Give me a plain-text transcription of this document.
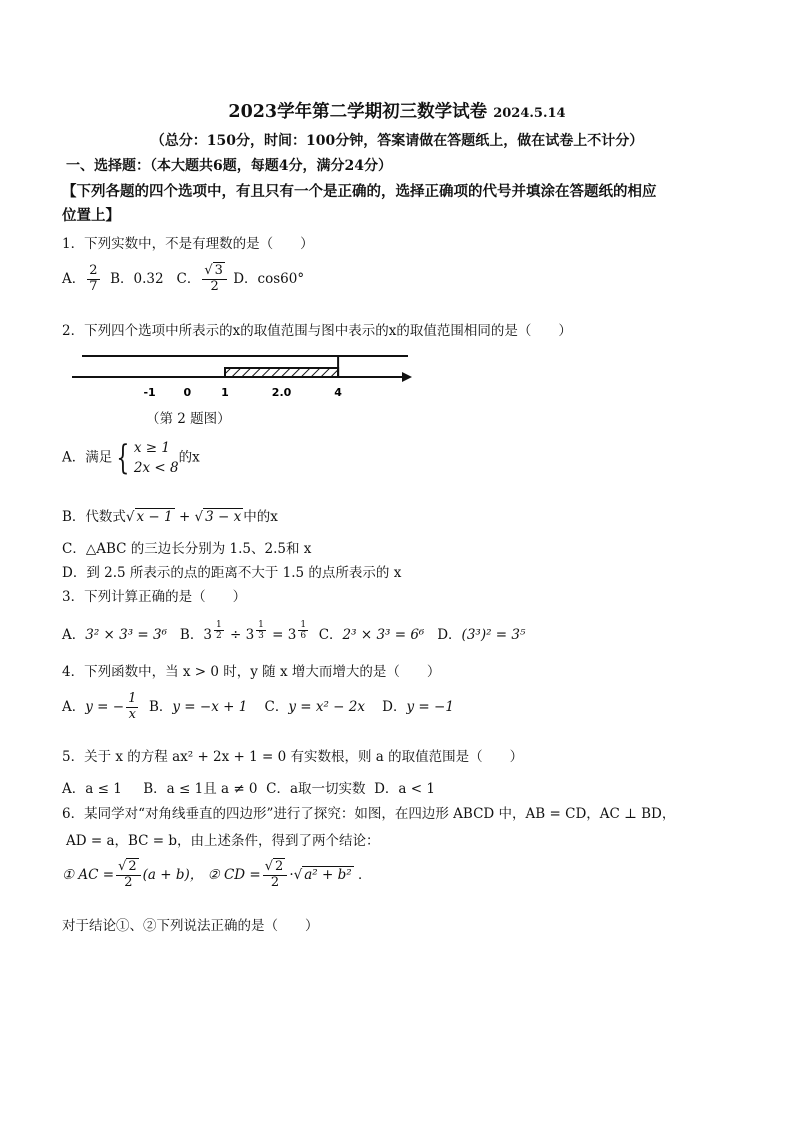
2023学年第二学期初三数学试卷 2024.5.14
（总分：150分，时间：100分钟，答案请做在答题纸上，做在试卷上不计分）
一、选择题：（本大题共6题，每题4分，满分24分）
【下列各题的四个选项中，有且只有一个是正确的，选择正确项的代号并填涂在答题纸的相应
位置上】
1．下列实数中，不是有理数的是（　　）
A． $\frac{2}{7}$ B．0.32 C． $\frac{√ 3}{2}$ D．cos60°
2．下列四个选项中所表示的x的取值范围与图中表示的x的取值范围相同的是（　　）
-1	0	1	2.0	4
（第 2 题图）
A．满足 { x ≥ 1
2x < 8
的x
B．代数式√ x − 1 + √ 3 − x 中的x
C．△ABC 的三边长分别为 1.5、2.5和 x
D．到 2.5 所表示的点的距离不大于 1.5 的点所表示的 x
3．下列计算正确的是（　　）
A．3² × 3³ = 3⁶ B．3 $^{\frac{1}{2}}$ ÷ 3 $^{\frac{1}{3}}$ = 3 $^{\frac{1}{6}}$ C．2³ × 3³ = 6⁶ D．(3³)² = 3⁵
4．下列函数中，当 x > 0 时，y 随 x 增大而增大的是（　　）
A．y = − $\frac{1}{x}$ B．y = −x + 1 C．y = x² − 2x D．y = −1
5．关于 x 的方程 ax² + 2x + 1 = 0 有实数根，则 a 的取值范围是（　　）
A．a ≤ 1 B．a ≤ 1且 a ≠ 0 C．a取一切实数 D．a < 1
6．某同学对“对角线垂直的四边形”进行了探究：如图，在四边形 ABCD 中，AB = CD，AC ⊥ BD，
AD = a，BC = b，由上述条件，得到了两个结论：
① AC = $\frac{√ 2}{2} (a + b)$， ② CD = $\frac{√ 2}{2}$ ·√ a² + b² ．
对于结论①、②下列说法正确的是（　　）
